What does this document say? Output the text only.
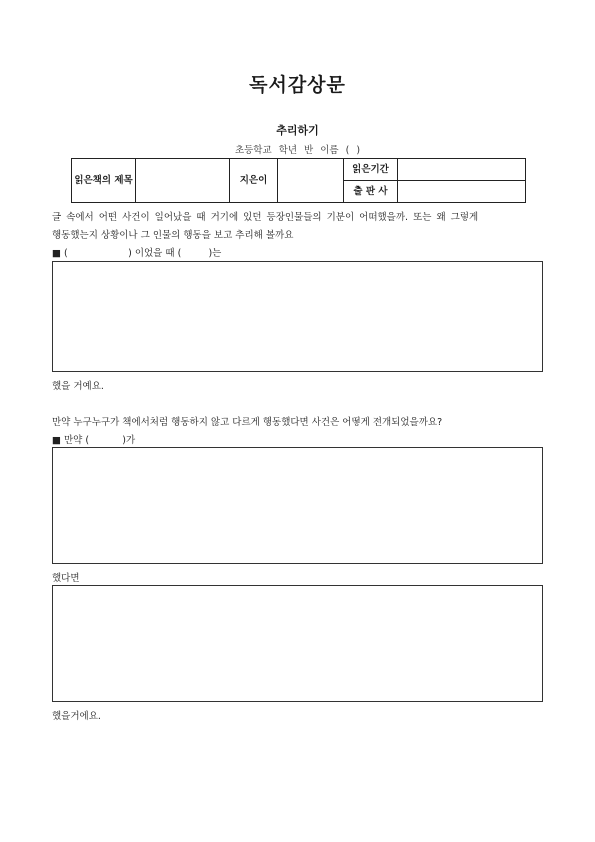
독서감상문
추리하기
초등학교 학년 반 이름 ( )
읽은책의 제목		지은이		읽은기간	
				출 판 사	
글 속에서 어떤 사건이 일어났을 때 거기에 있던 등장인물들의 기분이 어떠했을까. 또는 왜 그렇게
행동했는지 상황이나 그 인물의 행동을 보고 추리해 볼까요
■ (                    ) 이었을 때 (         )는
했을 거예요.
만약 누구누구가 책에서처럼 행동하지 않고 다르게 행동했다면 사건은 어떻게 전개되었을까요?
■ 만약 (           )가
했다면
했을거에요.
